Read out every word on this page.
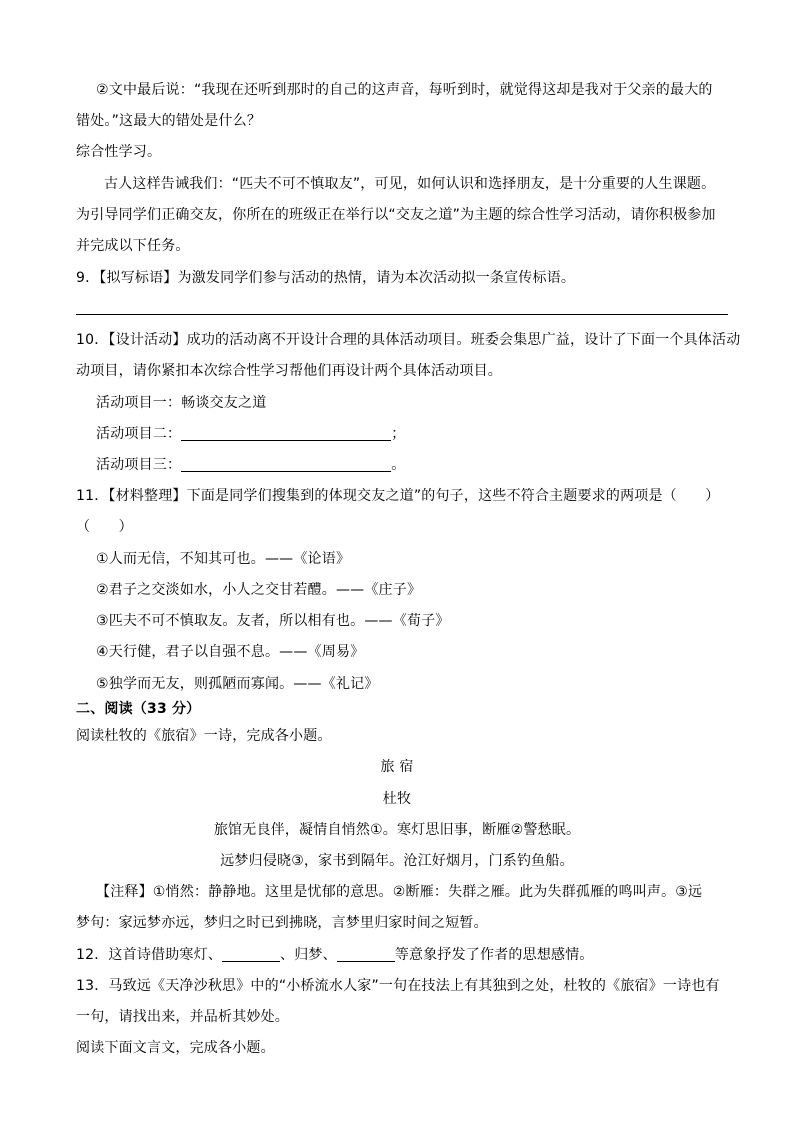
②文中最后说：“我现在还听到那时的自己的这声音，每听到时，就觉得这却是我对于父亲的最大的
错处。”这最大的错处是什么？
综合性学习。
古人这样告诫我们：“匹夫不可不慎取友”，可见，如何认识和选择朋友，是十分重要的人生课题。
为引导同学们正确交友，你所在的班级正在举行以“交友之道”为主题的综合性学习活动，请你积极参加
并完成以下任务。
9．【拟写标语】为激发同学们参与活动的热情，请为本次活动拟一条宣传标语。
10．【设计活动】成功的活动离不开设计合理的具体活动项目。班委会集思广益，设计了下面一个具体活动
动项目，请你紧扣本次综合性学习帮他们再设计两个具体活动项目。
活动项目一：畅谈交友之道
活动项目二：	；
活动项目三：	。
11．【材料整理】下面是同学们搜集到的体现交友之道”的句子，这些不符合主题要求的两项是（　　）
（　　）
①人而无信，不知其可也。——《论语》
②君子之交淡如水，小人之交甘若醴。——《庄子》
③匹夫不可不慎取友。友者，所以相有也。——《荀子》
④天行健，君子以自强不息。——《周易》
⑤独学而无友，则孤陋而寡闻。——《礼记》
二、阅读（33 分）
阅读杜牧的《旅宿》一诗，完成各小题。
旅 宿
杜牧
旅馆无良伴，凝情自悄然①。寒灯思旧事，断雁②警愁眠。
远梦归侵晓③，家书到隔年。沧江好烟月，门系钓鱼船。
【注释】①悄然：静静地。这里是忧郁的意思。②断雁：失群之雁。此为失群孤雁的鸣叫声。③远
梦句：家远梦亦远，梦归之时已到拂晓，言梦里归家时间之短暂。
12．这首诗借助寒灯、	、归梦、	等意象抒发了作者的思想感情。
13．马致远《天净沙秋思》中的“小桥流水人家”一句在技法上有其独到之处，杜牧的《旅宿》一诗也有
一句，请找出来，并品析其妙处。
阅读下面文言文，完成各小题。
